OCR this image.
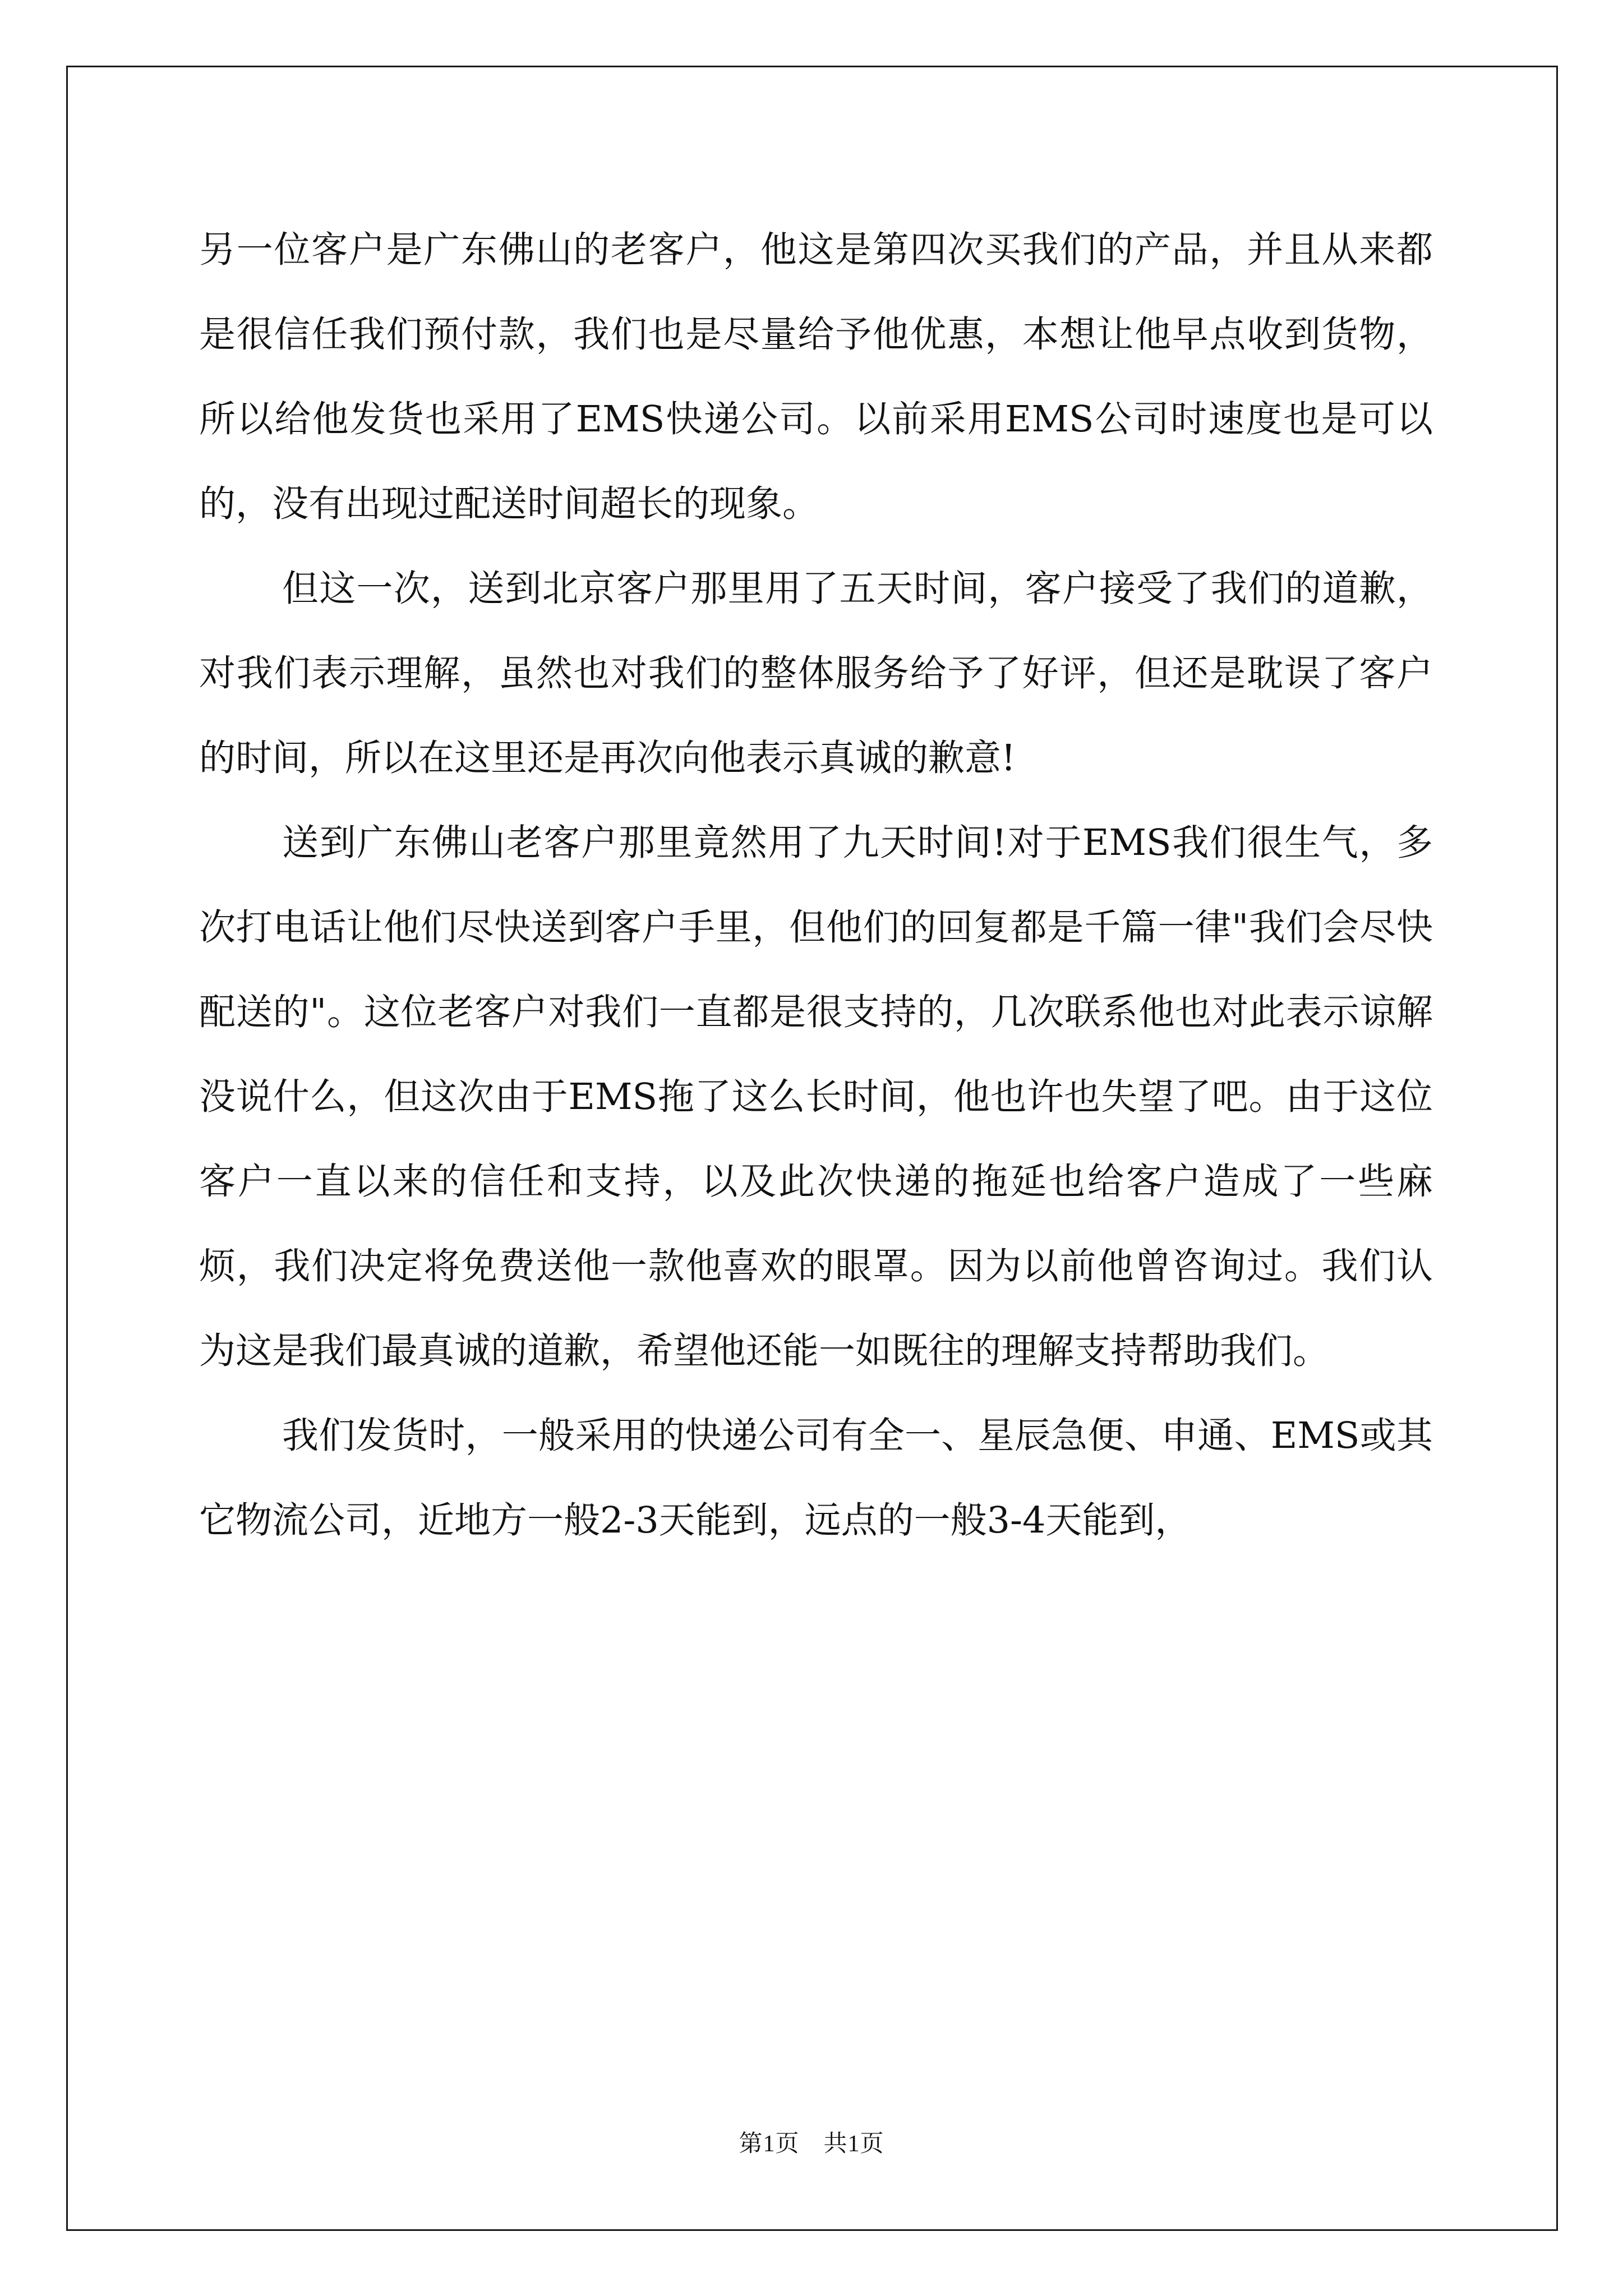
另一位客户是广东佛山的老客户，他这是第四次买我们的产品，并且从来都是很信任我们预付款，我们也是尽量给予他优惠，本想让他早点收到货物，所以给他发货也采用了EMS快递公司。以前采用EMS公司时速度也是可以的，没有出现过配送时间超长的现象。

但这一次，送到北京客户那里用了五天时间，客户接受了我们的道歉，对我们表示理解，虽然也对我们的整体服务给予了好评，但还是耽误了客户的时间，所以在这里还是再次向他表示真诚的歉意!

送到广东佛山老客户那里竟然用了九天时间!对于EMS我们很生气，多次打电话让他们尽快送到客户手里，但他们的回复都是千篇一律"我们会尽快配送的"。这位老客户对我们一直都是很支持的，几次联系他也对此表示谅解没说什么，但这次由于EMS拖了这么长时间，他也许也失望了吧。由于这位客户一直以来的信任和支持，以及此次快递的拖延也给客户造成了一些麻烦，我们决定将免费送他一款他喜欢的眼罩。因为以前他曾咨询过。我们认为这是我们最真诚的道歉，希望他还能一如既往的理解支持帮助我们。

我们发货时，一般采用的快递公司有全一、星辰急便、申通、EMS或其它物流公司，近地方一般2-3天能到，远点的一般3-4天能到，

第1页　共1页
